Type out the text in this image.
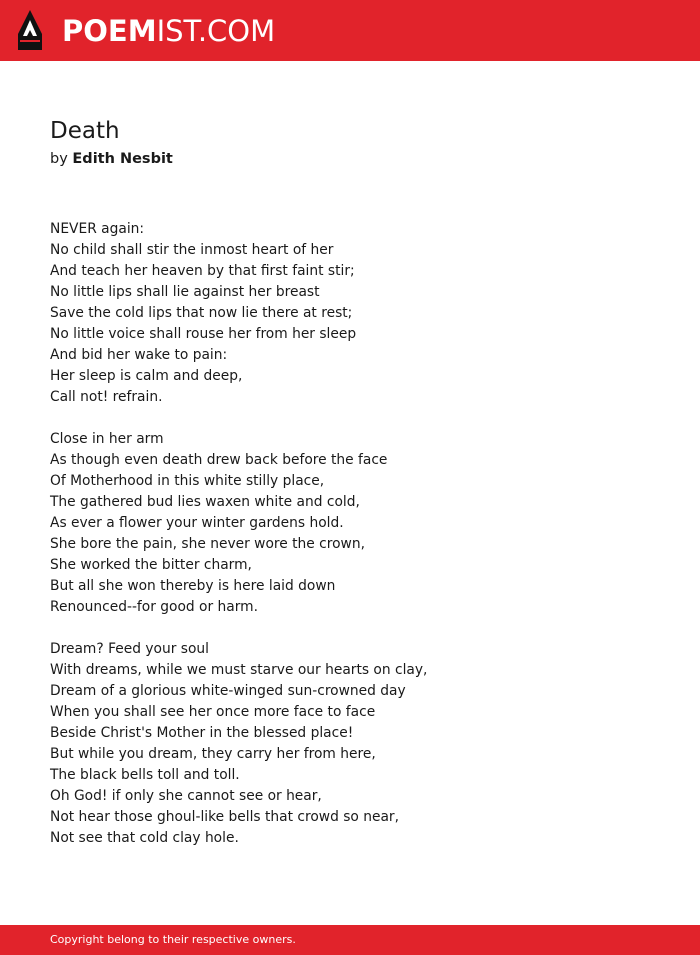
POEMIST.COM
Death
by Edith Nesbit
NEVER again:
No child shall stir the inmost heart of her
And teach her heaven by that first faint stir;
No little lips shall lie against her breast
Save the cold lips that now lie there at rest;
No little voice shall rouse her from her sleep
And bid her wake to pain:
Her sleep is calm and deep,
Call not! refrain.
Close in her arm
As though even death drew back before the face
Of Motherhood in this white stilly place,
The gathered bud lies waxen white and cold,
As ever a flower your winter gardens hold.
She bore the pain, she never wore the crown,
She worked the bitter charm,
But all she won thereby is here laid down
Renounced--for good or harm.
Dream? Feed your soul
With dreams, while we must starve our hearts on clay,
Dream of a glorious white-winged sun-crowned day
When you shall see her once more face to face
Beside Christ's Mother in the blessed place!
But while you dream, they carry her from here,
The black bells toll and toll.
Oh God! if only she cannot see or hear,
Not hear those ghoul-like bells that crowd so near,
Not see that cold clay hole.
Copyright belong to their respective owners.
